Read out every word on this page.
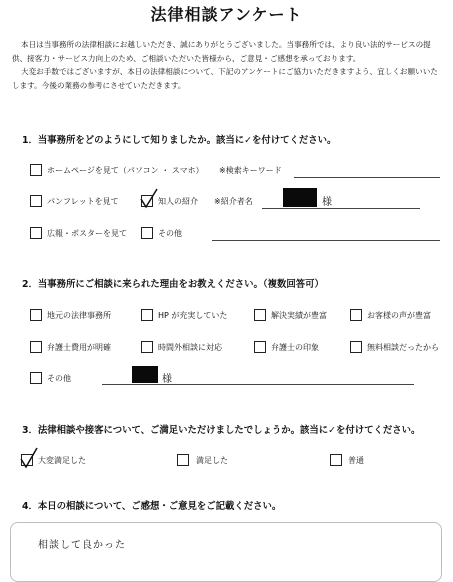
法律相談アンケート

本日は当事務所の法律相談にお越しいただき、誠にありがとうございました。当事務所では、より良い法的サービスの提供、接客力・サービス力向上のため、ご相談いただいた皆様から、ご意見・ご感想を承っております。

大変お手数ではございますが、本日の法律相談について、下記のアンケートにご協力いただきますよう、宜しくお願いいたします。今後の業務の参考にさせていただきます。

1．当事務所をどのようにして知りましたか。該当に✓を付けてください。
ホームページを見て（パソコン ・ スマホ） ※検索キーワード
パンフレットを見て	知人の紹介 ※紹介者名	様
広報・ポスターを見て	その他
2．当事務所にご相談に来られた理由をお教えください。（複数回答可）
地元の法律事務所	HP が充実していた	解決実績が豊富	お客様の声が豊富
弁護士費用が明確	時間外相談に対応	弁護士の印象	無料相談だったから
その他	様
3．法律相談や接客について、ご満足いただけましたでしょうか。該当に✓を付けてください。
大変満足した	満足した	普通
4．本日の相談について、ご感想・ご意見をご記載ください。
相談して良かった
